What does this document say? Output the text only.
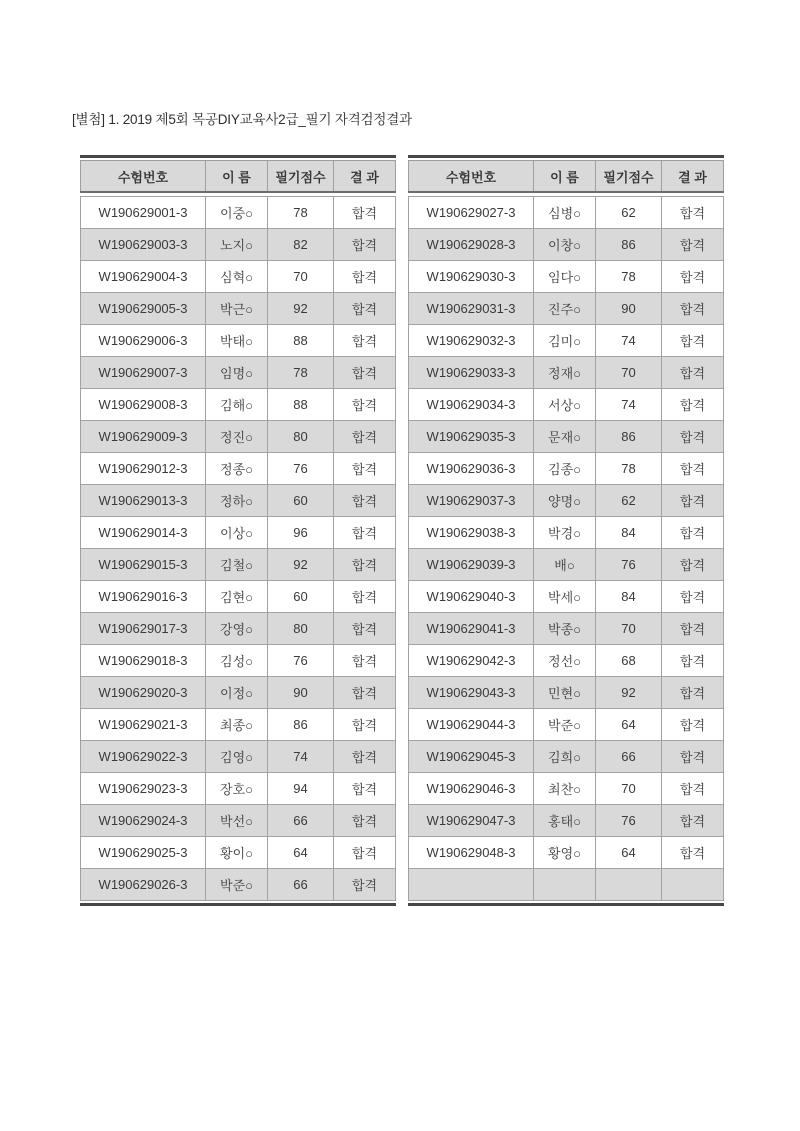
[별첨] 1. 2019 제5회 목공DIY교육사2급_필기 자격검정결과
수험번호	이 름	필기점수	결 과

W190629001-3	이중○	78	합격
W190629003-3	노지○	82	합격
W190629004-3	심혁○	70	합격
W190629005-3	박근○	92	합격
W190629006-3	박태○	88	합격
W190629007-3	임명○	78	합격
W190629008-3	김해○	88	합격
W190629009-3	정진○	80	합격
W190629012-3	정종○	76	합격
W190629013-3	정하○	60	합격
W190629014-3	이상○	96	합격
W190629015-3	김철○	92	합격
W190629016-3	김현○	60	합격
W190629017-3	강영○	80	합격
W190629018-3	김성○	76	합격
W190629020-3	이정○	90	합격
W190629021-3	최종○	86	합격
W190629022-3	김영○	74	합격
W190629023-3	장호○	94	합격
W190629024-3	박선○	66	합격
W190629025-3	황이○	64	합격
W190629026-3	박준○	66	합격
수험번호	이 름	필기점수	결 과

W190629027-3	심병○	62	합격
W190629028-3	이창○	86	합격
W190629030-3	임다○	78	합격
W190629031-3	진주○	90	합격
W190629032-3	김미○	74	합격
W190629033-3	정재○	70	합격
W190629034-3	서상○	74	합격
W190629035-3	문재○	86	합격
W190629036-3	김종○	78	합격
W190629037-3	양명○	62	합격
W190629038-3	박경○	84	합격
W190629039-3	배○	76	합격
W190629040-3	박세○	84	합격
W190629041-3	박종○	70	합격
W190629042-3	정선○	68	합격
W190629043-3	민현○	92	합격
W190629044-3	박준○	64	합격
W190629045-3	김희○	66	합격
W190629046-3	최찬○	70	합격
W190629047-3	홍태○	76	합격
W190629048-3	황영○	64	합격
